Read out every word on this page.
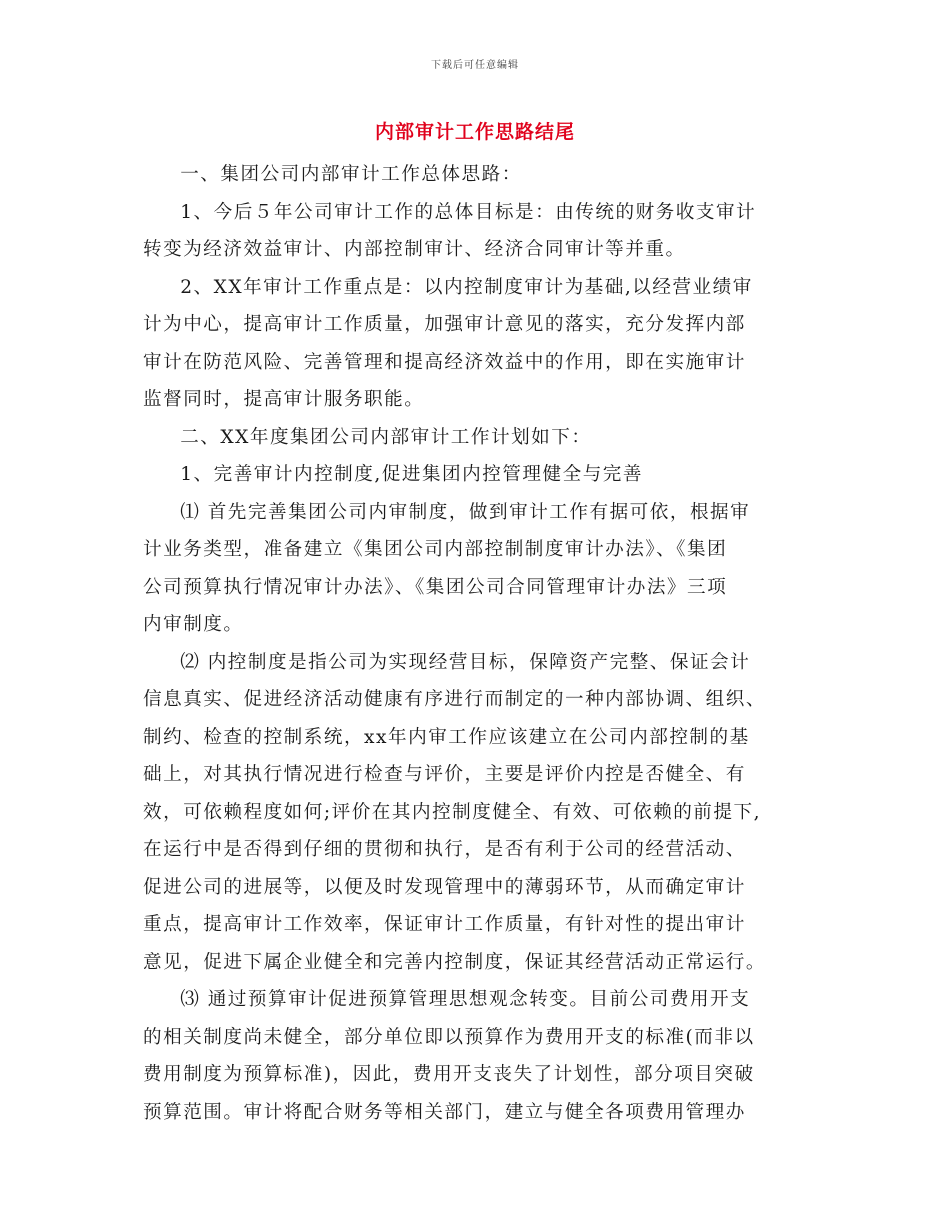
下载后可任意编辑
内部审计工作思路结尾

一、集团公司内部审计工作总体思路：

1、今后５年公司审计工作的总体目标是：由传统的财务收支审计
转变为经济效益审计、内部控制审计、经济合同审计等并重。

2、XX年审计工作重点是：以内控制度审计为基础,以经营业绩审
计为中心，提高审计工作质量，加强审计意见的落实，充分发挥内部
审计在防范风险、完善管理和提高经济效益中的作用，即在实施审计
监督同时，提高审计服务职能。

二、XX年度集团公司内部审计工作计划如下：

1、完善审计内控制度,促进集团内控管理健全与完善

⑴ 首先完善集团公司内审制度，做到审计工作有据可依，根据审
计业务类型，准备建立《集团公司内部控制制度审计办法》、《集团
公司预算执行情况审计办法》、《集团公司合同管理审计办法》三项
内审制度。

⑵ 内控制度是指公司为实现经营目标，保障资产完整、保证会计
信息真实、促进经济活动健康有序进行而制定的一种内部协调、组织、
制约、检查的控制系统，xx年内审工作应该建立在公司内部控制的基
础上，对其执行情况进行检查与评价，主要是评价内控是否健全、有
效，可依赖程度如何;评价在其内控制度健全、有效、可依赖的前提下,
在运行中是否得到仔细的贯彻和执行，是否有利于公司的经营活动、
促进公司的进展等，以便及时发现管理中的薄弱环节，从而确定审计
重点，提高审计工作效率，保证审计工作质量，有针对性的提出审计
意见，促进下属企业健全和完善内控制度，保证其经营活动正常运行。

⑶ 通过预算审计促进预算管理思想观念转变。目前公司费用开支
的相关制度尚未健全，部分单位即以预算作为费用开支的标准(而非以
费用制度为预算标准)，因此，费用开支丧失了计划性，部分项目突破
预算范围。审计将配合财务等相关部门，建立与健全各项费用管理办
